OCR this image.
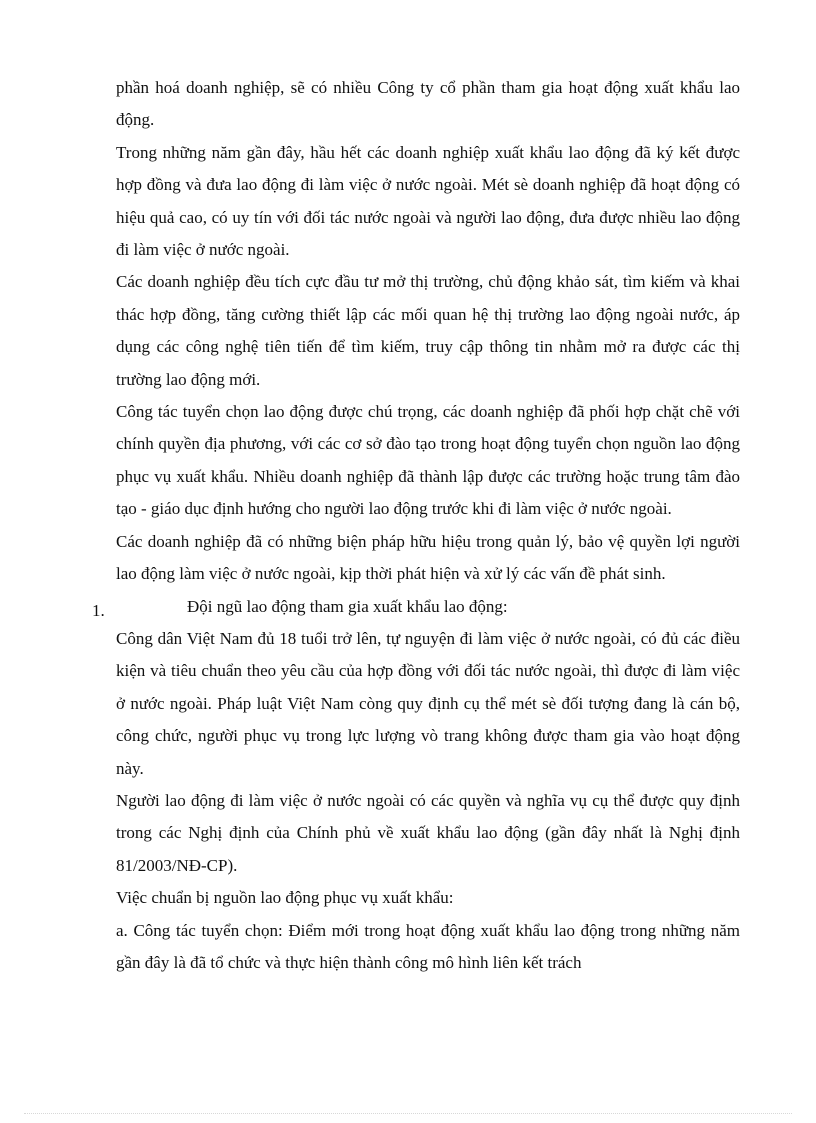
phần hoá doanh nghiệp, sẽ có nhiều Công ty cổ phần tham gia hoạt động xuất khẩu lao động.

Trong những năm gần đây, hầu hết các doanh nghiệp xuất khẩu lao động đã ký kết được hợp đồng và đưa lao động đi làm việc ở nước ngoài. Mét sè doanh nghiệp đã hoạt động có hiệu quả cao, có uy tín với đối tác nước ngoài và người lao động, đưa được nhiều lao động đi làm việc ở nước ngoài.

Các doanh nghiệp đều tích cực đầu tư mở thị trường, chủ động khảo sát, tìm kiếm và khai thác hợp đồng, tăng cường thiết lập các mối quan hệ thị trường lao động ngoài nước, áp dụng các công nghệ tiên tiến để tìm kiếm, truy cập thông tin nhằm mở ra được các thị trường lao động mới.

Công tác tuyển chọn lao động được chú trọng, các doanh nghiệp đã phối hợp chặt chẽ với chính quyền địa phương, với các cơ sở đào tạo trong hoạt động tuyển chọn nguồn lao động phục vụ xuất khẩu. Nhiều doanh nghiệp đã thành lập được các trường hoặc trung tâm đào tạo - giáo dục định hướng cho người lao động trước khi đi làm việc ở nước ngoài.

Các doanh nghiệp đã có những biện pháp hữu hiệu trong quản lý, bảo vệ quyền lợi người lao động làm việc ở nước ngoài, kịp thời phát hiện và xử lý các vấn đề phát sinh.

1.	Đội ngũ lao động tham gia xuất khẩu lao động:

Công dân Việt Nam đủ 18 tuổi trở lên, tự nguyện đi làm việc ở nước ngoài, có đủ các điều kiện và tiêu chuẩn theo yêu cầu của hợp đồng với đối tác nước ngoài, thì được đi làm việc ở nước ngoài. Pháp luật Việt Nam còng quy định cụ thể mét sè đối tượng đang là cán bộ, công chức, người phục vụ trong lực lượng vò trang không được tham gia vào hoạt động này.

Người lao động đi làm việc ở nước ngoài có các quyền và nghĩa vụ cụ thể được quy định trong các Nghị định của Chính phủ về xuất khẩu lao động (gần đây nhất là Nghị định 81/2003/NĐ-CP).

Việc chuẩn bị nguồn lao động phục vụ xuất khẩu:

a. Công tác tuyển chọn: Điểm mới trong hoạt động xuất khẩu lao động trong những năm gần đây là đã tổ chức và thực hiện thành công mô hình liên kết trách
